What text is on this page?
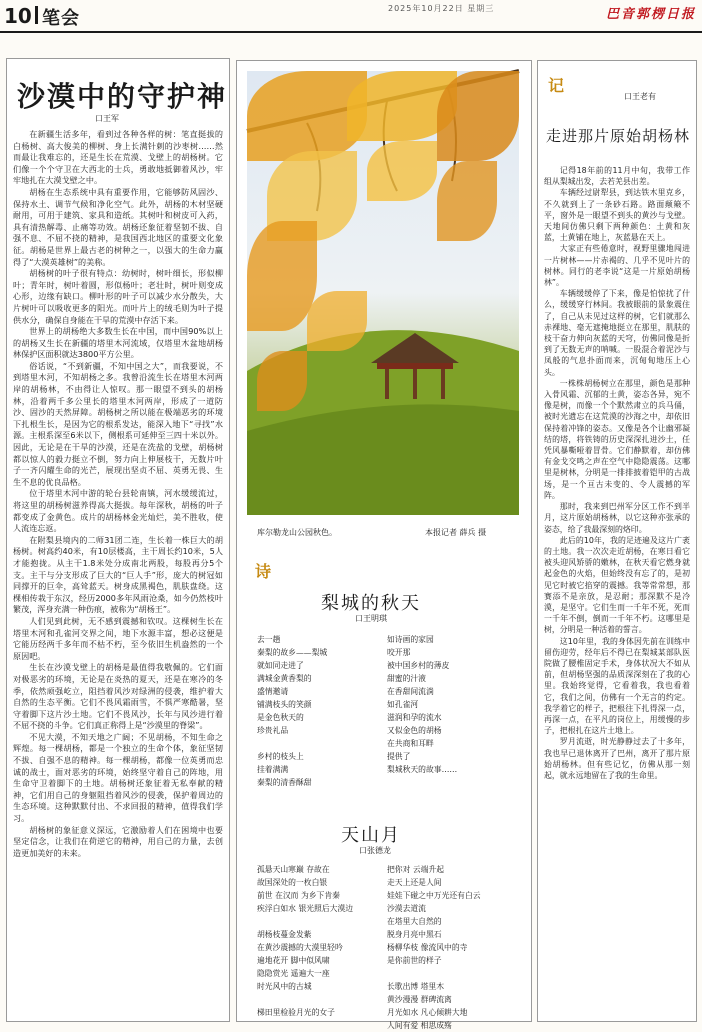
10 笔会	2025年10月22日 星期三	巴音郭楞日报
沙漠中的守护神
口王军

在新疆生活多年，看到过各种各样的树：笔直挺拔的白杨树、高大俊美的柳树、身上长满针刺的沙枣树……然而最让我难忘的，还是生长在荒漠、戈壁上的胡杨树。它们像一个个守卫在大西北的士兵，勇敢地抵御着风沙，牢牢地扎在大漠戈壁之中。

胡杨在生态系统中具有重要作用，它能够防风固沙、保持水土、调节气候和净化空气。此外，胡杨的木材坚硬耐用，可用于建筑、家具和造纸。其树叶和树皮可入药，具有清热解毒、止痛等功效。胡杨还象征着坚韧不拔、自强不息、不屈不挠的精神，是我国西北地区的重要文化象征。胡杨是世界上最古老的树种之一，以强大的生命力赢得了“大漠英雄树”的美称。

胡杨树的叶子很有特点：幼树时，树叶细长，形似柳叶；青年时，树叶着圆，形似杨叶；老壮时，树叶则变成心形，边缘有缺口。柳叶形的叶子可以减少水分散失，大片树叶可以吸收更多的阳光。而叶片上的绒毛则为叶子提供水分，确保自身能在干旱的荒漠中存活下来。

世界上的胡杨绝大多数生长在中国，而中国90%以上的胡杨又生长在新疆的塔里木河流域，仅塔里木盆地胡杨林保护区面积就达3800平方公里。

俗话说，“不到新疆，不知中国之大”，而我要说，不到塔里木河，不知胡杨之多。我曾沿流生长在塔里木河两岸的胡杨林，不由得让人惊叹。那一眼望不到头的胡杨林，沿着两千多公里长的塔里木河两岸，形成了一道防沙、固沙的天然屏障。胡杨树之所以能在极端恶劣的环境下扎根生长，是因为它的根系发达，能深入地下“寻找”水源。主根系深至6米以下，侧根系可延伸至三四十米以外。因此，无论是在干旱的沙漠，还是在洗盐的戈壁，胡杨树都以惊人的毅力挺立不倒，努力向上伸展枝干，无数片叶子一齐闪耀生命的光芒，展现出坚贞不屈、英勇无畏、生生不息的优良品格。

位于塔里木河中游的轮台县轮南镇，河水缓缓流过，将这里的胡杨树滋养得高大挺拔。每年深秋，胡杨的叶子都变成了金黄色。成片的胡杨林金光灿烂，美不胜收，使人流连忘返。

在附梨县境内的二师31团二连，生长着一株巨大的胡杨树。树高约40米，有10层楼高，主干周长约10米，5人才能抱拢。从主干1.8米处分成南北两股，每股再分5个支。主干与分支形成了巨大的“巨人手”形，庞大的树冠如同撑开的巨伞，高耸蓝天。树身成黑褐色，肌肤盘绕。这棵相传栽于东汉，经历2000多年风雨沧桑，如今仍然枝叶繁茂，浑身充满一种伤痕，被称为“胡杨王”。

人们见到此树，无不感到震撼和钦叹。这棵树生长在塔里木河和孔雀河交界之间，地下水源丰富，想必这便是它能历经两千多年而不枯不朽，至今依旧生机盎然的一个原因吧。

生长在沙漠戈壁上的胡杨是最值得我敬佩的。它们面对极恶劣的环境，无论是在炎热的夏天，还是在寒冷的冬季，依然顽强屹立，阻挡着风沙对绿洲的侵袭，维护着大自然的生态平衡。它们不畏风霜雨雪，不惧严寒酷暑，坚守着脚下这片沙土地。它们不畏风沙，长年与风沙进行着不屈不挠的斗争。它们真正称得上是“沙漠里的脊梁”。

不见大漠，不知天地之广阔；不见胡杨，不知生命之辉煌。每一棵胡杨，都是一个独立的生命个体，象征坚韧不拔、自强不息的精神。每一棵胡杨，都像一位英勇而忠诚的战士，面对恶劣的环境，始终坚守着自己的阵地，用生命守卫着脚下的土地。胡杨树还象征着无私奉献的精神，它们用自己的身躯阻挡着风沙的侵袭，保护着周边的生态环境。这种默默付出、不求回报的精神，值得我们学习。

胡杨树的象征意义深远，它激励着人们在困境中也要坚定信念，让我们在荷逆它的精神，用自己的力量，去创造更加美好的未来。

库尔勒龙山公园秋色。	本报记者 薛兵 摄
诗
梨城的秋天
口王明琪
去一趟
秦梨的故乡——梨城
就如同走进了
满城金黄香梨的
盛情邀请
铺满枝头的笑颜
是金色秋天的
珍贵礼品
乡村的枝头上
挂着满满
秦梨的清香酥甜
如诗画的家园
咬开那
被中国乡村的薄皮
甜蜜的汁液
在香甜间流淌
如孔雀河
滋润和孕的流水
又似金色的胡杨
在共商和耳畔
提供了
梨城秋天的故事……
天山月
口张德龙
孤悬天山寒巅 存故在
故国深处的一枚白银
前世 在汉而 为乡下肯秦
疾浮白如水 银光照后大漠边
胡杨枝蔓金发紫
在黄沙震撼的大漠里轻吟
遍地花开 脚中似风啸
隐隐赏光 遥遍大一座
时光风中的古城
梯田里检验月光的女子
把你对 云端升起
走天上还是人间
娃娃下碰之中万光还有白云
沙漠去道流
在塔里大自然的
脱身月亮中黑石
杨柳华枝 像流风中的寺
是你前世的样子
长歌出博 塔里木
黄沙漫漫 群碑流离
月光如水 凡心倾耕大地
人间有爱 相思成殇
记
口王老有
走进那片原始胡杨林

记得18年前的11月中旬，我带工作组从梨城出发，去若羌县出差。

车辆经过尉犁县，到达铁木里克乡，不久就到上了一条砂石路。路面颠簸不平，窗外是一眼望不到头的黄沙与戈壁。天地间仿佛只剩下两种颜色：土黄和灰蓝，土黄铺在地上，灰蓝悬在天上。

大家正有些倦意时，视野里骤地闯进一片树林——片赤褐的、几乎不见叶片的树林。同行的老李说“这是一片原始胡杨林”。

车辆缓缓停了下来，像是怕惊扰了什么，缓缓穿行林间。我被眼前的景象震住了，自己从未见过这样的树，它们就那么赤裸地、毫无遮掩地挺立在那里，肌肤的枝干奋力伸向灰蓝的天穹，仿佛同像是折到了无数无声的呐喊。一股混合着泥沙与凤般的气息扑面而来，沉甸甸地压上心头。

一株株胡杨树立在那里，颜色是那种入骨风霜、沉郁的土黄，姿态各异，宛不像是树，而像一个个默然肃立的兵马俑，被时光遗忘在这荒漠的沙海之中，却依旧保持着冲锋的姿态。又像是各个让幽邪凝结的塔，将铁铸的历史深深扎进沙土，任凭风暴嘶哑着冒骨。它们静默着，却仿佛有金戈交鸣之声在空气中隐隐震荡。这哪里是树林，分明是一排排披着铠甲的古战场，是一个亘古未变的、令人震撼的军阵。

那时，我来到巴州军分区工作不到半月，这片原始胡杨林，以它这种亦张承的姿态，给了我最深刻的烙印。

此后的10年，我的足迹遍及这片广袤的土地。我一次次走近胡杨，在寒日看它被头迎风矫骄的嫩林，在秋天看它燃身就起金色的火焰，但始终没有忘了的，是初见它时被它掐穿的震撼。我等常常想，那赛添不是亲放，是忍耐；那深默不是冷漠，是坚守。它们生而一千年不死，死而一千年不倒，倒而一千年不朽。这哪里是树，分明是一种活着的誓言。

这10年里，我的身体因先前在训练中留伤迎劳，经年后不得已在梨城某部队医院做了腰椎固定手术，身体状况大不如从前，但胡杨坚强的品质深深刻在了我的心里。我始终觉得，它看着我，我也看着它，我们之间，仿佛有一个无言的约定。我学着它的样子，把根往下扎得深一点，再深一点，在平凡的岗位上，用缓慢的步子，把根扎在这片土地上。

罗月流逝，时光静静过去了十多年，我也早已退休离开了巴州，离开了那片原始胡杨林。但有些记忆，仿佛从那一刻起，就永远地留在了我的生命里。
